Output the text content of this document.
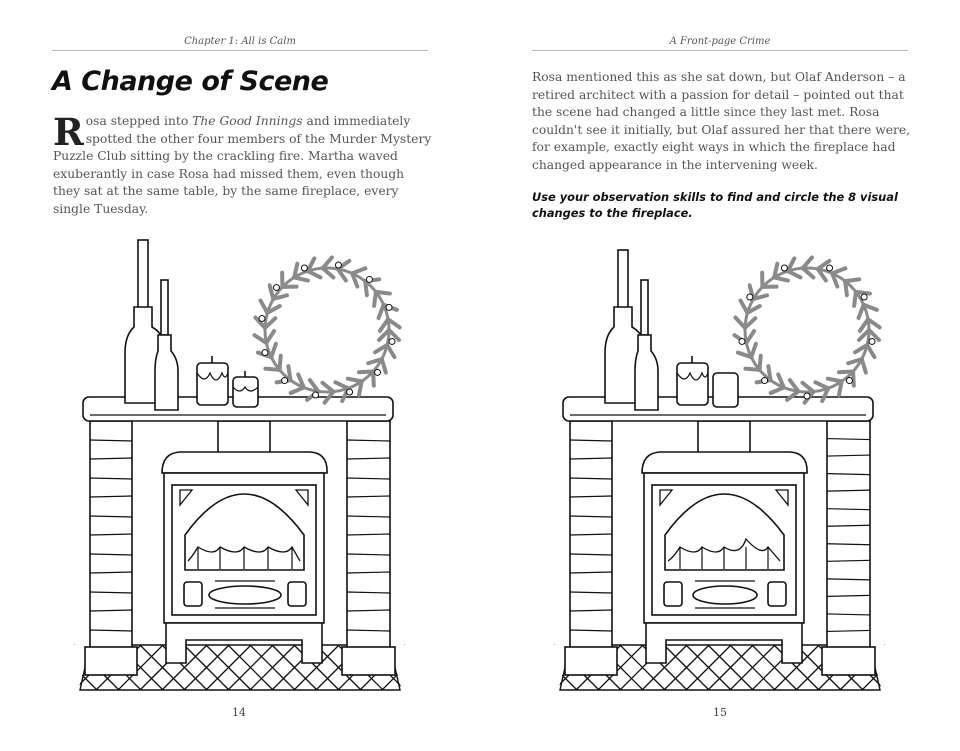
Chapter 1: All is Calm
A Change of Scene

Rosa stepped into The Good Innings and immediately spotted the other four members of the Murder Mystery Puzzle Club sitting by the crackling fire. Martha waved exuberantly in case Rosa had missed them, even though they sat at the same table, by the same fireplace, every single Tuesday.

14
A Front-page Crime

Rosa mentioned this as she sat down, but Olaf Anderson – a retired architect with a passion for detail – pointed out that the scene had changed a little since they last met. Rosa couldn't see it initially, but Olaf assured her that there were, for example, exactly eight ways in which the fireplace had changed appearance in the intervening week.

Use your observation skills to find and circle the 8 visual changes to the fireplace.

15
